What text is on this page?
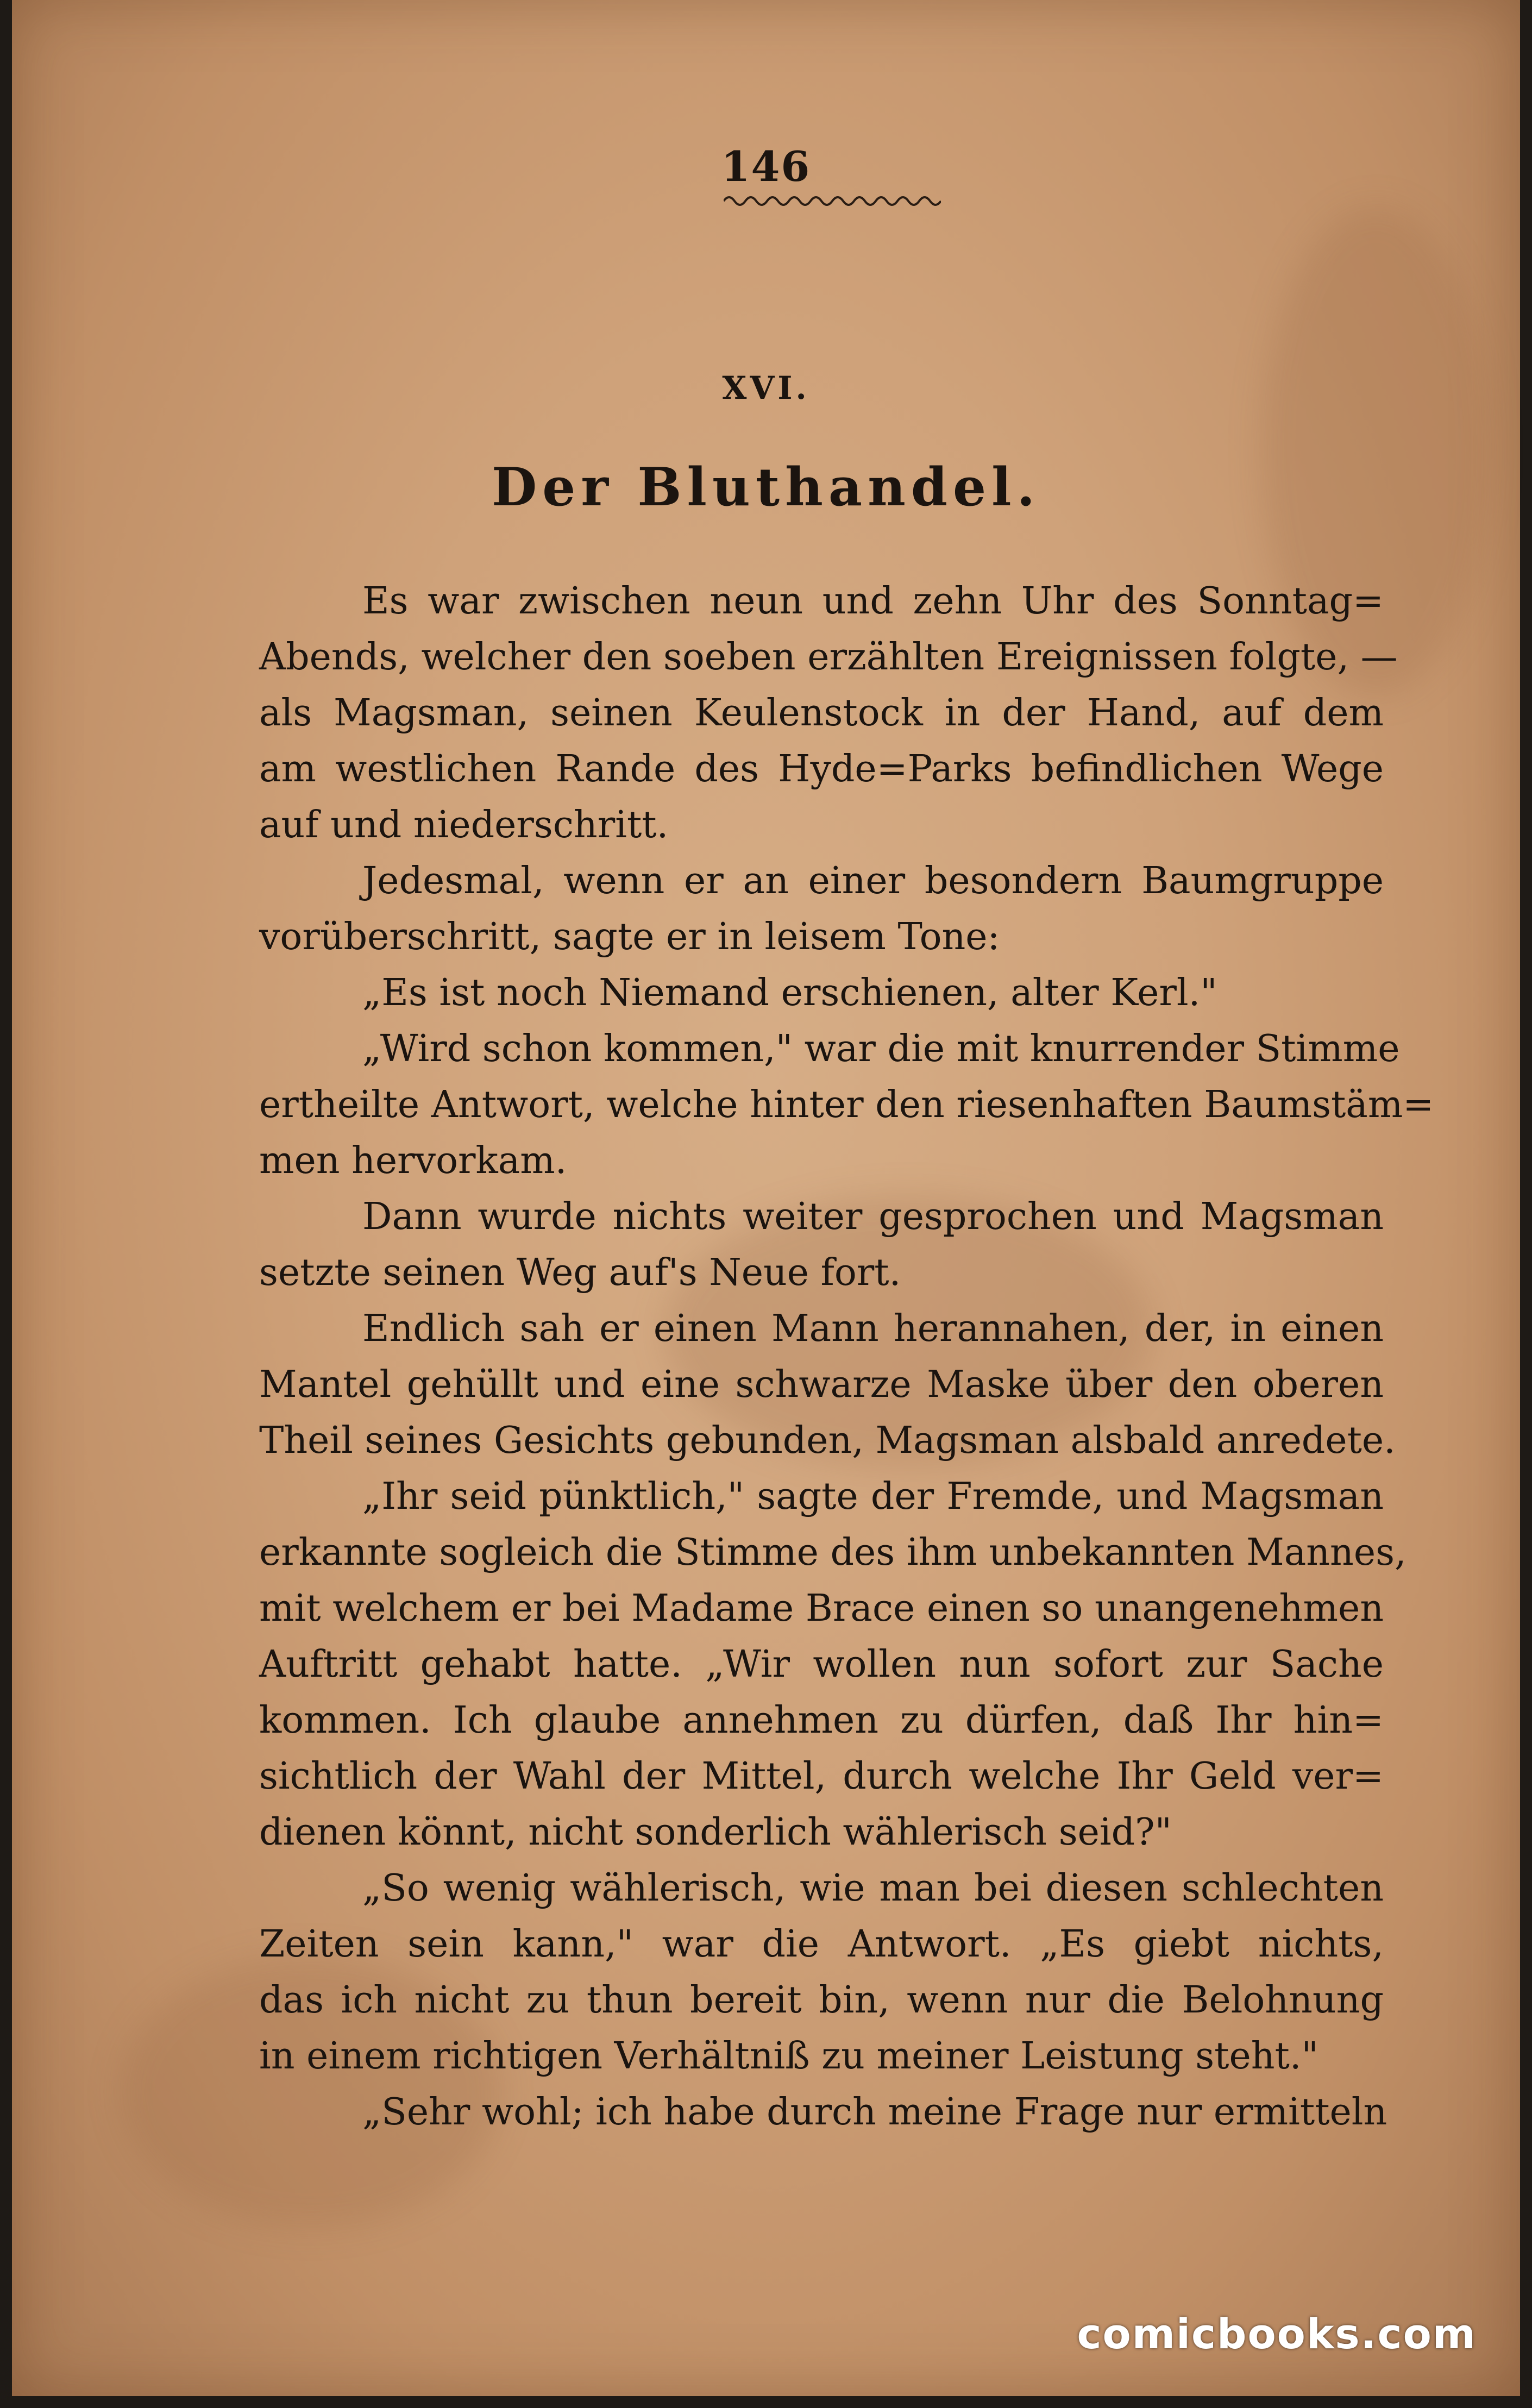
146
XVI.
Der Bluthandel.
Es war zwischen neun und zehn Uhr des Sonntag=
Abends, welcher den soeben erzählten Ereignissen folgte, —
als Magsman, seinen Keulenstock in der Hand, auf dem
am westlichen Rande des Hyde=Parks befindlichen Wege
auf und niederschritt.
Jedesmal, wenn er an einer besondern Baumgruppe
vorüberschritt, sagte er in leisem Tone:
„Es ist noch Niemand erschienen, alter Kerl."
„Wird schon kommen," war die mit knurrender Stimme
ertheilte Antwort, welche hinter den riesenhaften Baumstäm=
men hervorkam.
Dann wurde nichts weiter gesprochen und Magsman
setzte seinen Weg auf's Neue fort.
Endlich sah er einen Mann herannahen, der, in einen
Mantel gehüllt und eine schwarze Maske über den oberen
Theil seines Gesichts gebunden, Magsman alsbald anredete.
„Ihr seid pünktlich," sagte der Fremde, und Magsman
erkannte sogleich die Stimme des ihm unbekannten Mannes,
mit welchem er bei Madame Brace einen so unangenehmen
Auftritt gehabt hatte. „Wir wollen nun sofort zur Sache
kommen. Ich glaube annehmen zu dürfen, daß Ihr hin=
sichtlich der Wahl der Mittel, durch welche Ihr Geld ver=
dienen könnt, nicht sonderlich wählerisch seid?"
„So wenig wählerisch, wie man bei diesen schlechten
Zeiten sein kann," war die Antwort. „Es giebt nichts,
das ich nicht zu thun bereit bin, wenn nur die Belohnung
in einem richtigen Verhältniß zu meiner Leistung steht."
„Sehr wohl; ich habe durch meine Frage nur ermitteln
comicbooks.com
